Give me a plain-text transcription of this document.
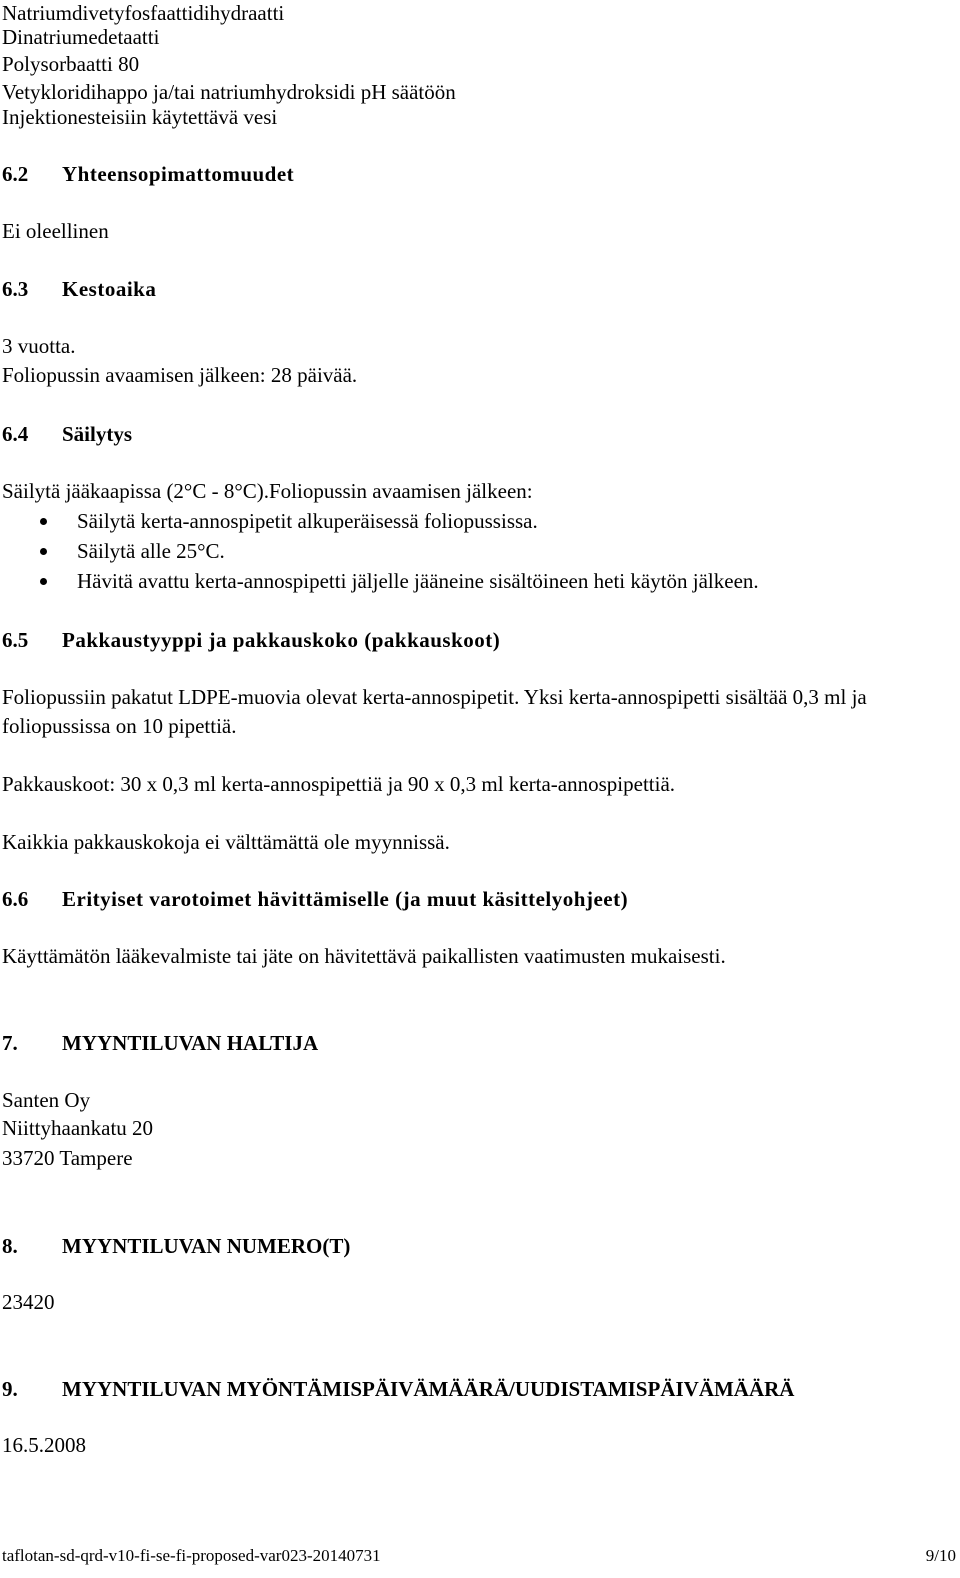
Natriumdivetyfosfaattidihydraatti
Dinatriumedetaatti
Polysorbaatti 80
Vetykloridihappo ja/tai natriumhydroksidi pH säätöön
Injektionesteisiin käytettävä vesi
6.2 Yhteensopimattomuudet
Ei oleellinen
6.3 Kestoaika
3 vuotta.
Foliopussin avaamisen jälkeen: 28 päivää.
6.4 Säilytys
Säilytä jääkaapissa (2°C - 8°C).Foliopussin avaamisen jälkeen:
Säilytä kerta-annospipetit alkuperäisessä foliopussissa.
Säilytä alle 25°C.
Hävitä avattu kerta-annospipetti jäljelle jääneine sisältöineen heti käytön jälkeen.
6.5 Pakkaustyyppi ja pakkauskoko (pakkauskoot)
Foliopussiin pakatut LDPE-muovia olevat kerta-annospipetit. Yksi kerta-annospipetti sisältää 0,3 ml ja
foliopussissa on 10 pipettiä.
Pakkauskoot: 30 x 0,3 ml kerta-annospipettiä ja 90 x 0,3 ml kerta-annospipettiä.
Kaikkia pakkauskokoja ei välttämättä ole myynnissä.
6.6 Erityiset varotoimet hävittämiselle (ja muut käsittelyohjeet)
Käyttämätön lääkevalmiste tai jäte on hävitettävä paikallisten vaatimusten mukaisesti.
7. MYYNTILUVAN HALTIJA
Santen Oy
Niittyhaankatu 20
33720 Tampere
8. MYYNTILUVAN NUMERO(T)
23420
9. MYYNTILUVAN MYÖNTÄMISPÄIVÄMÄÄRÄ/UUDISTAMISPÄIVÄMÄÄRÄ
16.5.2008
taflotan-sd-qrd-v10-fi-se-fi-proposed-var023-20140731	9/10
